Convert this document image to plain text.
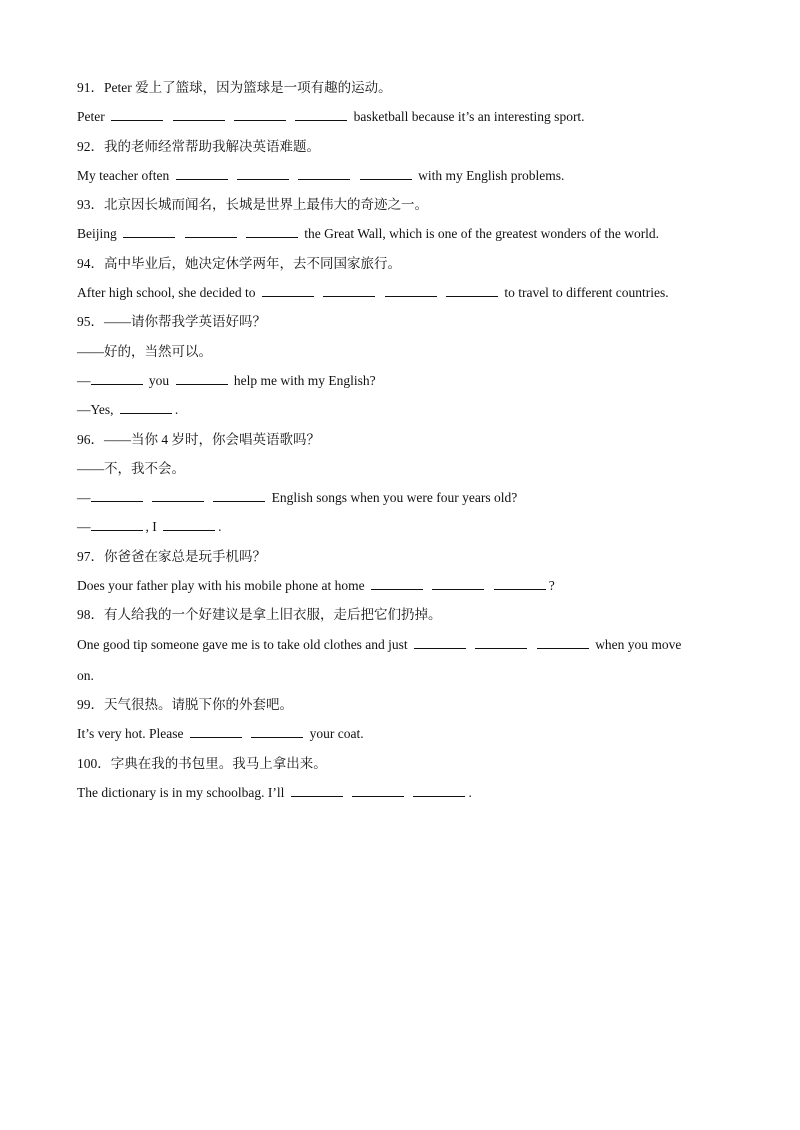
91．Peter 爱上了篮球，因为篮球是一项有趣的运动。
Peter	basketball because it’s an interesting sport.
92．我的老师经常帮助我解决英语难题。
My teacher often	with my English problems.
93．北京因长城而闻名，长城是世界上最伟大的奇迹之一。
Beijing	the Great Wall, which is one of the greatest wonders of the world.
94．高中毕业后，她决定休学两年，去不同国家旅行。
After high school, she decided to	to travel to different countries.
95．——请你帮我学英语好吗？
——好的，当然可以。
—	you	help me with my English?
—Yes,	.
96．——当你 4 岁时，你会唱英语歌吗？
——不，我不会。
—	English songs when you were four years old?
—	, I	.
97．你爸爸在家总是玩手机吗？
Does your father play with his mobile phone at home	?
98．有人给我的一个好建议是拿上旧衣服，走后把它们扔掉。
One good tip someone gave me is to take old clothes and just	when you move
on.
99．天气很热。请脱下你的外套吧。
It’s very hot. Please	your coat.
100．字典在我的书包里。我马上拿出来。
The dictionary is in my schoolbag. I’ll	.
